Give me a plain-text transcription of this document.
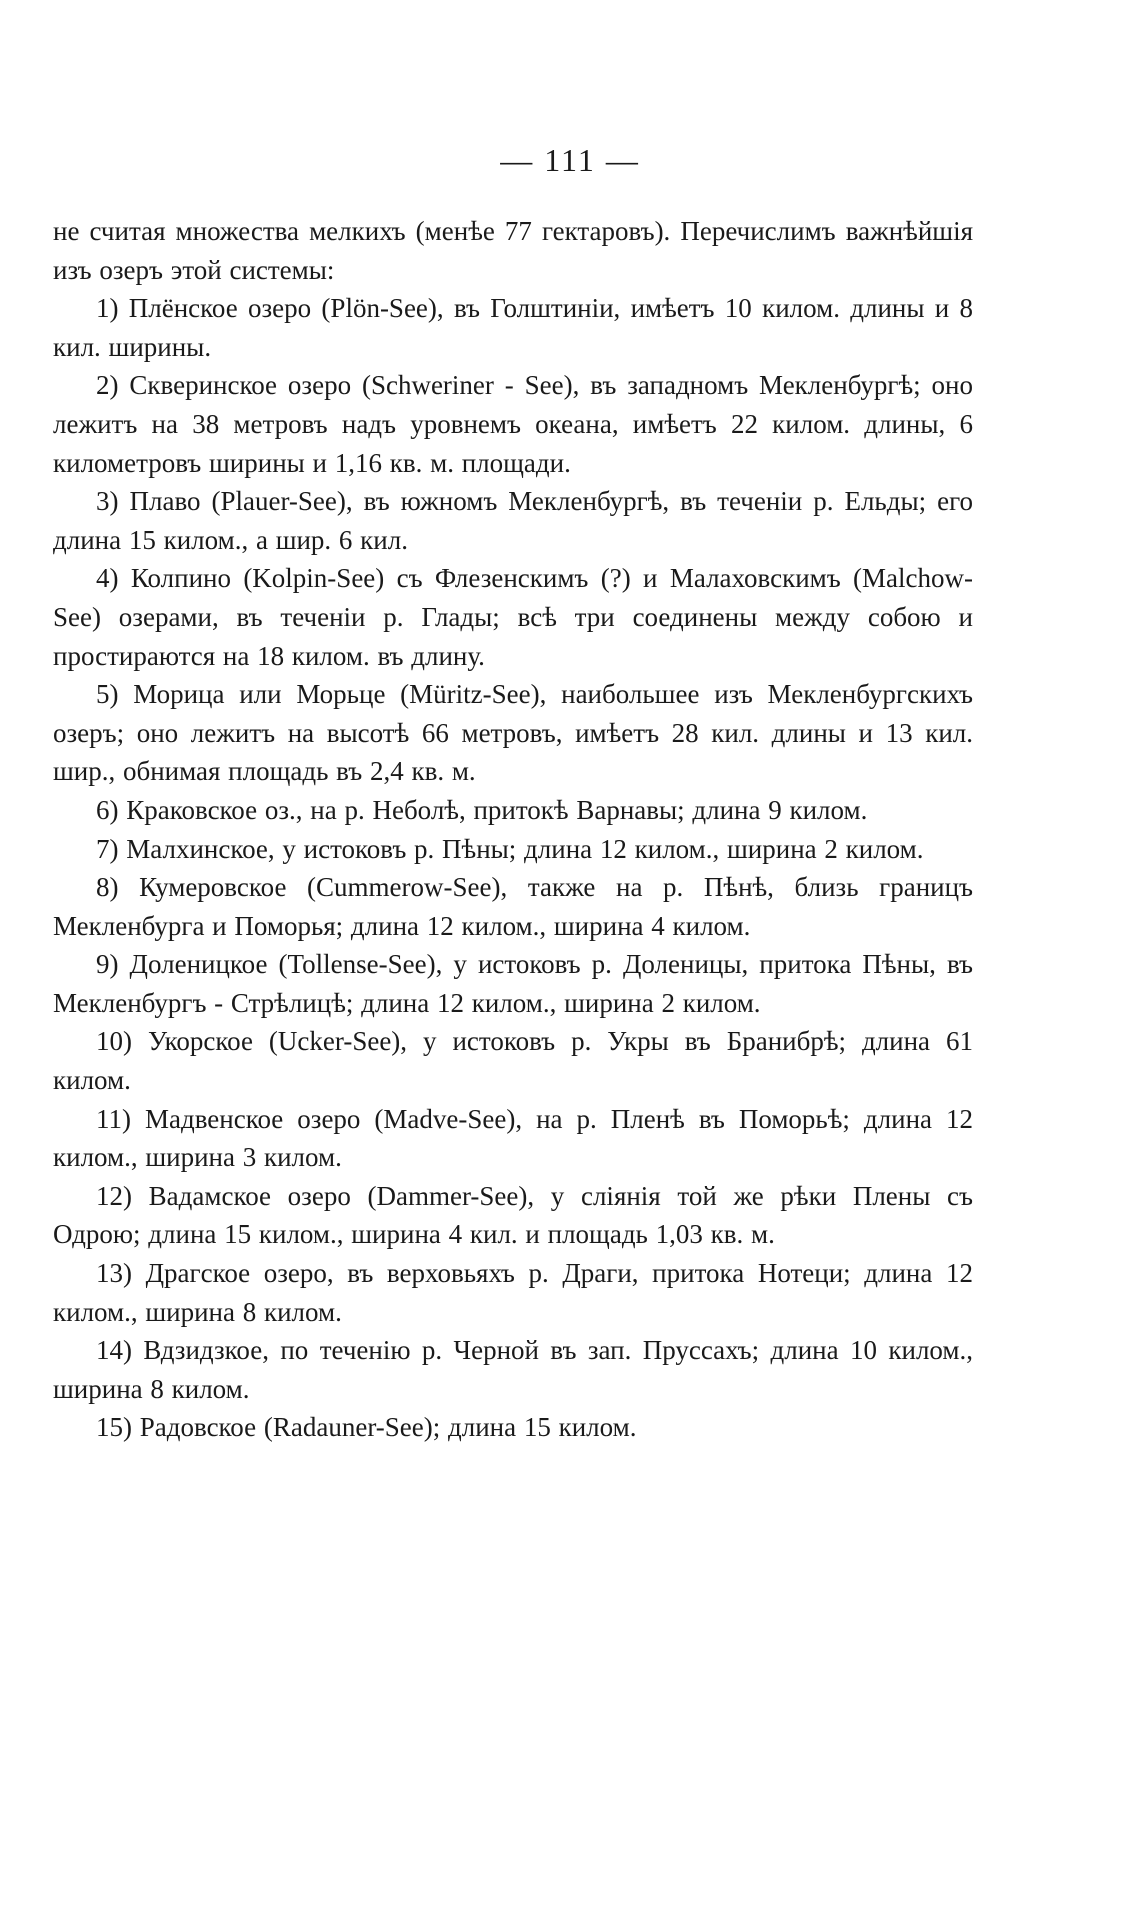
— 111 —

не считая множества мелкихъ (менѣе 77 гектаровъ). Перечислимъ важнѣйшія изъ озеръ этой системы:

1) Плёнское озеро (Plön-See), въ Голштиніи, имѣетъ 10 килом. длины и 8 кил. ширины.

2) Скверинское озеро (Schweriner - See), въ западномъ Мекленбургѣ; оно лежитъ на 38 метровъ надъ уровнемъ океана, имѣетъ 22 килом. длины, 6 километровъ ширины и 1,16 кв. м. площади.

3) Плаво (Plauer-See), въ южномъ Мекленбургѣ, въ теченіи р. Ельды; его длина 15 килом., а шир. 6 кил.

4) Колпино (Kolpin-See) съ Флезенскимъ (?) и Малаховскимъ (Malchow-See) озерами, въ теченіи р. Глады; всѣ три соединены между собою и простираются на 18 килом. въ длину.

5) Морица или Морьце (Müritz-See), наибольшее изъ Мекленбургскихъ озеръ; оно лежитъ на высотѣ 66 метровъ, имѣетъ 28 кил. длины и 13 кил. шир., обнимая площадь въ 2,4 кв. м.

6) Краковское оз., на р. Неболѣ, притокѣ Варнавы; длина 9 килом.

7) Малхинское, у истоковъ р. Пѣны; длина 12 килом., ширина 2 килом.

8) Кумеровское (Cummerow-See), также на р. Пѣнѣ, близь границъ Мекленбурга и Поморья; длина 12 килом., ширина 4 килом.

9) Доленицкое (Tollense-See), у истоковъ р. Доленицы, притока Пѣны, въ Мекленбургъ - Стрѣлицѣ; длина 12 килом., ширина 2 килом.

10) Укорское (Ucker-See), у истоковъ р. Укры въ Бранибрѣ; длина 61 килом.

11) Мадвенское озеро (Madve-See), на р. Пленѣ въ Поморьѣ; длина 12 килом., ширина 3 килом.

12) Вадамское озеро (Dammer-See), у сліянія той же рѣки Плены съ Одрою; длина 15 килом., ширина 4 кил. и площадь 1,03 кв. м.

13) Драгское озеро, въ верховьяхъ р. Драги, притока Нотеци; длина 12 килом., ширина 8 килом.

14) Вдзидзкое, по теченію р. Черной въ зап. Пруссахъ; длина 10 килом., ширина 8 килом.

15) Радовское (Radauner-See); длина 15 килом.
